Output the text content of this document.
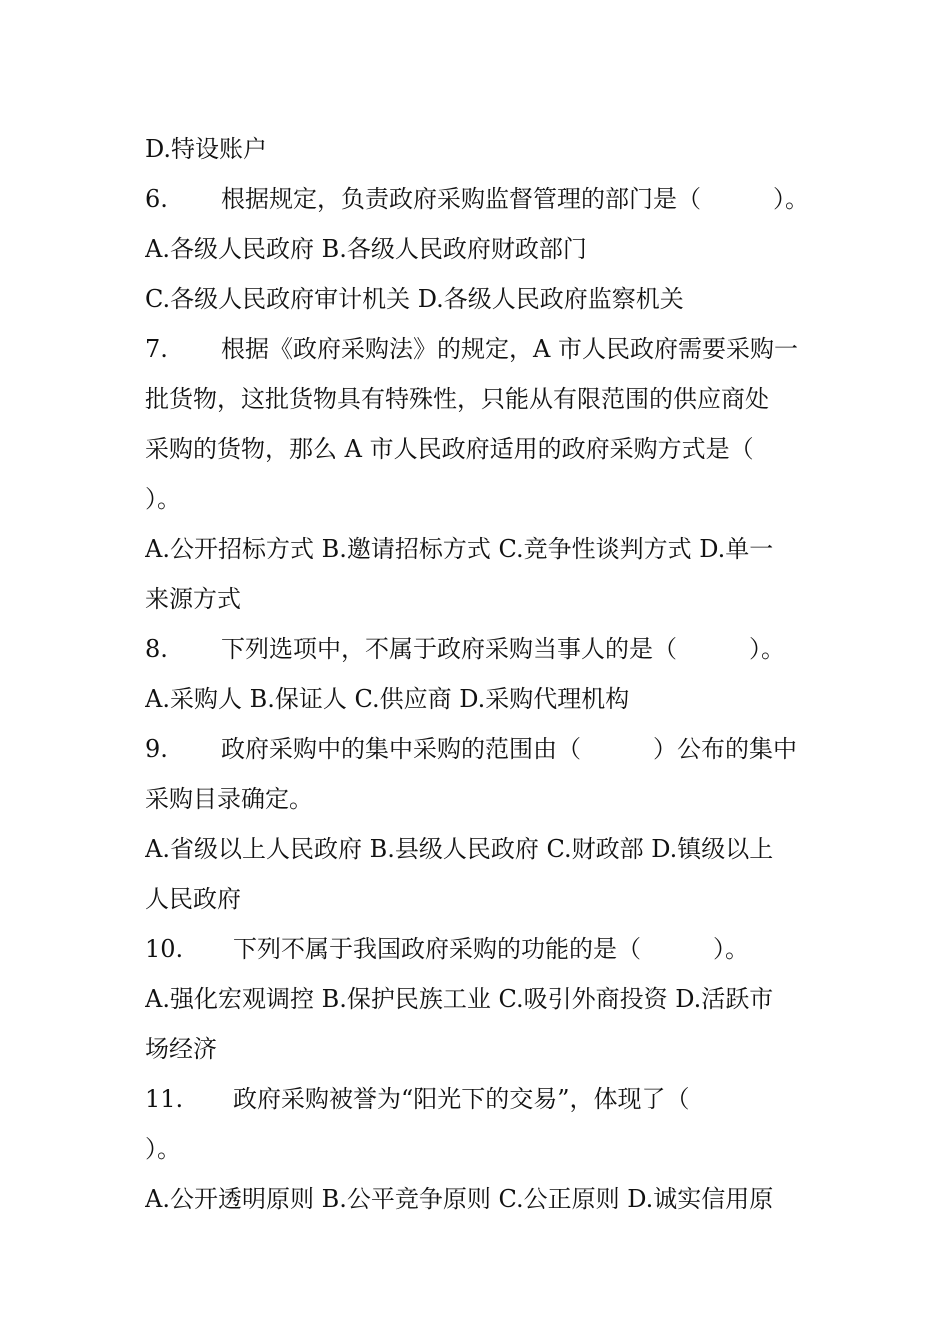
D.特设账户
6. 根据规定，负责政府采购监督管理的部门是（　　　）。
A.各级人民政府 B.各级人民政府财政部门
C.各级人民政府审计机关 D.各级人民政府监察机关
7. 根据《政府采购法》的规定，A 市人民政府需要采购一
批货物，这批货物具有特殊性，只能从有限范围的供应商处
采购的货物，那么 A 市人民政府适用的政府采购方式是（
）。
A.公开招标方式 B.邀请招标方式 C.竞争性谈判方式 D.单一
来源方式
8. 下列选项中，不属于政府采购当事人的是（　　　）。
A.采购人 B.保证人 C.供应商 D.采购代理机构
9. 政府采购中的集中采购的范围由（　　　）公布的集中
采购目录确定。
A.省级以上人民政府 B.县级人民政府 C.财政部 D.镇级以上
人民政府
10. 下列不属于我国政府采购的功能的是（　　　）。
A.强化宏观调控 B.保护民族工业 C.吸引外商投资 D.活跃市
场经济
11. 政府采购被誉为“阳光下的交易”，体现了（
）。
A.公开透明原则 B.公平竞争原则 C.公正原则 D.诚实信用原
